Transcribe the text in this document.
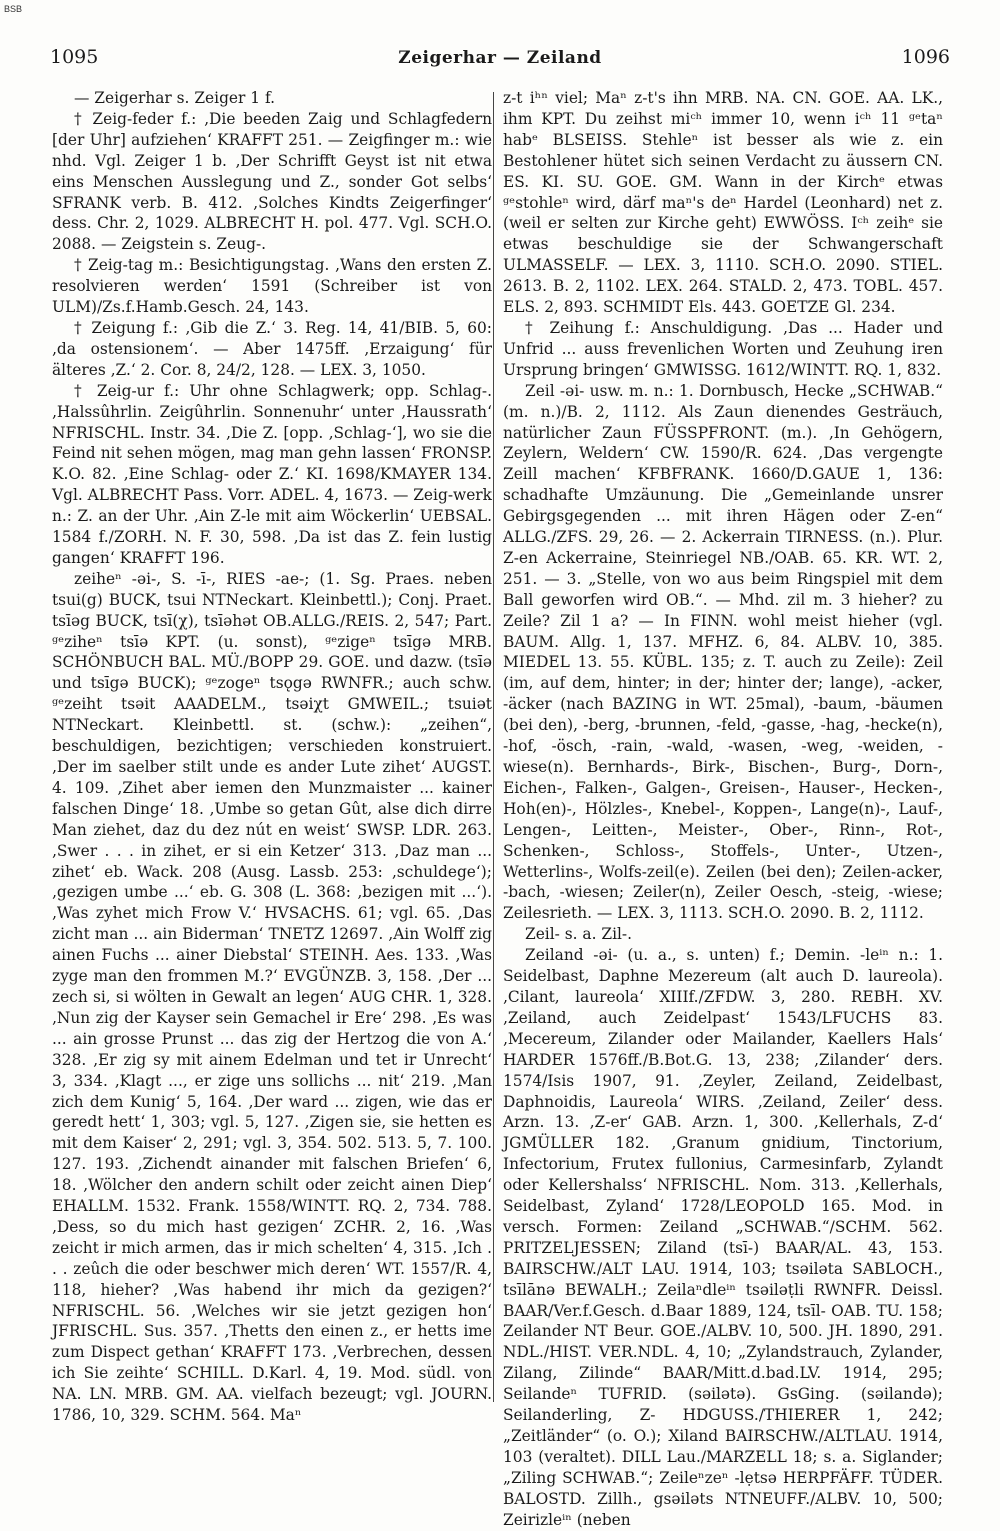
BSB
1095	Zeigerhar — Zeiland	1096

— Zeigerhar s. Zeiger 1 f.

† Zeig-feder f.: ‚Die beeden Zaig und Schlagfedern [der Uhr] aufziehen‘ KRAFFT 251. — Zeigfinger m.: wie nhd. Vgl. Zeiger 1 b. ‚Der Schrifft Geyst ist nit etwa eins Menschen Ausslegung und Z., sonder Got selbs‘ SFRANK verb. B. 412. ‚Solches Kindts Zeigerfinger‘ dess. Chr. 2, 1029. ALBRECHT H. pol. 477. Vgl. SCH.O. 2088. — Zeigstein s. Zeug-.

† Zeig-tag m.: Besichtigungstag. ‚Wans den ersten Z. resolvieren werden‘ 1591 (Schreiber ist von ULM)/Zs.f.Hamb.Gesch. 24, 143.

† Zeigung f.: ‚Gib die Z.‘ 3. Reg. 14, 41/BIB. 5, 60: ‚da ostensionem‘. — Aber 1475ff. ‚Erzaigung‘ für älteres ‚Z.‘ 2. Cor. 8, 24/2, 128. — LEX. 3, 1050.

† Zeig-ur f.: Uhr ohne Schlagwerk; opp. Schlag-. ‚Halssûhrlin. Zeigûhrlin. Sonnenuhr‘ unter ‚Haussrath‘ NFRISCHL. Instr. 34. ‚Die Z. [opp. ‚Schlag-‘], wo sie die Feind nit sehen mögen, mag man gehn lassen‘ FRONSP. K.O. 82. ‚Eine Schlag- oder Z.‘ KI. 1698/KMAYER 134. Vgl. ALBRECHT Pass. Vorr. ADEL. 4, 1673. — Zeig-werk n.: Z. an der Uhr. ‚Ain Z-le mit aim Wöckerlin‘ UEBSAL. 1584 f./ZORH. N. F. 30, 598. ‚Da ist das Z. fein lustig gangen‘ KRAFFT 196.

zeiheⁿ -əi-, S. -ī-, RIES -ae-; (1. Sg. Praes. neben tsui(g) BUCK, tsui NTNeckart. Kleinbettl.); Conj. Praet. tsīəg BUCK, tsī(χ), tsīəhət OB.ALLG./REIS. 2, 547; Part. ᵍᵉziheⁿ tsīə KPT. (u. sonst), ᵍᵉzigeⁿ tsīgə MRB. SCHÖNBUCH BAL. MÜ./BOPP 29. GOE. und dazw. (tsīə und tsīgə BUCK); ᵍᵉzogeⁿ tsǫgə RWNFR.; auch schw. ᵍᵉzeiht tsəit AAADELM., tsəiχt GMWEIL.; tsuiət NTNeckart. Kleinbettl. st. (schw.): „zeihen“, beschuldigen, bezichtigen; verschieden konstruiert. ‚Der im saelber stilt unde es ander Lute zihet‘ AUGST. 4. 109. ‚Zihet aber iemen den Munzmaister ... kainer falschen Dinge‘ 18. ‚Umbe so getan Gût, alse dich dirre Man ziehet, daz du dez nút en weist‘ SWSP. LDR. 263. ‚Swer . . . in zihet, er si ein Ketzer‘ 313. ‚Daz man ... zihet‘ eb. Wack. 208 (Ausg. Lassb. 253: ‚schuldege‘); ‚gezigen umbe ...‘ eb. G. 308 (L. 368: ‚bezigen mit ...‘). ‚Was zyhet mich Frow V.‘ HVSACHS. 61; vgl. 65. ‚Das zicht man ... ain Biderman‘ TNETZ 12697. ‚Ain Wolff zig ainen Fuchs ... ainer Diebstal‘ STEINH. Aes. 133. ‚Was zyge man den frommen M.?‘ EVGÜNZB. 3, 158. ‚Der ... zech si, si wölten in Gewalt an legen‘ AUG CHR. 1, 328. ‚Nun zig der Kayser sein Gemachel ir Ere‘ 298. ‚Es was ... ain grosse Prunst ... das zig der Hertzog die von A.‘ 328. ‚Er zig sy mit ainem Edelman und tet ir Unrecht‘ 3, 334. ‚Klagt ..., er zige uns sollichs ... nit‘ 219. ‚Man zich dem Kunig‘ 5, 164. ‚Der ward ... zigen, wie das er geredt hett‘ 1, 303; vgl. 5, 127. ‚Zigen sie, sie hetten es mit dem Kaiser‘ 2, 291; vgl. 3, 354. 502. 513. 5, 7. 100. 127. 193. ‚Zichendt ainander mit falschen Briefen‘ 6, 18. ‚Wölcher den andern schilt oder zeicht ainen Diep‘ EHALLM. 1532. Frank. 1558/WINTT. RQ. 2, 734. 788. ‚Dess, so du mich hast gezigen‘ ZCHR. 2, 16. ‚Was zeicht ir mich armen, das ir mich schelten‘ 4, 315. ‚Ich . . . zeûch die oder beschwer mich deren‘ WT. 1557/R. 4, 118, hieher? ‚Was habend ihr mich da gezigen?‘ NFRISCHL. 56. ‚Welches wir sie jetzt gezigen hon‘ JFRISCHL. Sus. 357. ‚Thetts den einen z., er hetts ime zum Dispect gethan‘ KRAFFT 173. ‚Verbrechen, dessen ich Sie zeihte‘ SCHILL. D.Karl. 4, 19. Mod. südl. von NA. LN. MRB. GM. AA. vielfach bezeugt; vgl. JOURN. 1786, 10, 329. SCHM. 564. Maⁿ

z-t iʰⁿ viel; Maⁿ z-t's ihn MRB. NA. CN. GOE. AA. LK., ihm KPT. Du zeihst miᶜʰ immer 10, wenn iᶜʰ 11 ᵍᵉtaⁿ habᵉ BLSEISS. Stehleⁿ ist besser als wie z. ein Bestohlener hütet sich seinen Verdacht zu äussern CN. ES. KI. SU. GOE. GM. Wann in der Kirchᵉ etwas ᵍᵉstohleⁿ wird, därf maⁿ's deⁿ Hardel (Leonhard) net z. (weil er selten zur Kirche geht) EWWÖSS. Iᶜʰ zeihᵉ sie etwas beschuldige sie der Schwangerschaft ULMASSELF. — LEX. 3, 1110. SCH.O. 2090. STIEL. 2613. B. 2, 1102. LEX. 264. STALD. 2, 473. TOBL. 457. ELS. 2, 893. SCHMIDT Els. 443. GOETZE Gl. 234.

† Zeihung f.: Anschuldigung. ‚Das ... Hader und Unfrid ... auss frevenlichen Worten und Zeuhung iren Ursprung bringen‘ GMWISSG. 1612/WINTT. RQ. 1, 832.

Zeil -əi- usw. m. n.: 1. Dornbusch, Hecke „SCHWAB.“ (m. n.)/B. 2, 1112. Als Zaun dienendes Gesträuch, natürlicher Zaun FÜSSPFRONT. (m.). ‚In Gehögern, Zeylern, Weldern‘ CW. 1590/R. 624. ‚Das vergengte Zeill machen‘ KFBFRANK. 1660/D.GAUE 1, 136: schadhafte Umzäunung. Die „Gemeinlande unsrer Gebirgsgegenden ... mit ihren Hägen oder Z-en“ ALLG./ZFS. 29, 26. — 2. Ackerrain TIRNESS. (n.). Plur. Z-en Ackerraine, Steinriegel NB./OAB. 65. KR. WT. 2, 251. — 3. „Stelle, von wo aus beim Ringspiel mit dem Ball geworfen wird OB.“. — Mhd. zil m. 3 hieher? zu Zeile? Zil 1 a? — In FINN. wohl meist hieher (vgl. BAUM. Allg. 1, 137. MFHZ. 6, 84. ALBV. 10, 385. MIEDEL 13. 55. KÜBL. 135; z. T. auch zu Zeile): Zeil (im, auf dem, hinter; in der; hinter der; lange), -acker, -äcker (nach BAZING in WT. 25mal), -baum, -bäumen (bei den), -berg, -brunnen, -feld, -gasse, -hag, -hecke(n), -hof, -ösch, -rain, -wald, -wasen, -weg, -weiden, -wiese(n). Bernhards-, Birk-, Bischen-, Burg-, Dorn-, Eichen-, Falken-, Galgen-, Greisen-, Hauser-, Hecken-, Hoh(en)-, Hölzles-, Knebel-, Koppen-, Lange(n)-, Lauf-, Lengen-, Leitten-, Meister-, Ober-, Rinn-, Rot-, Schenken-, Schloss-, Stoffels-, Unter-, Utzen-, Wetterlins-, Wolfs-zeil(e). Zeilen (bei den); Zeilen-acker, -bach, -wiesen; Zeiler(n), Zeiler Oesch, -steig, -wiese; Zeilesrieth. — LEX. 3, 1113. SCH.O. 2090. B. 2, 1112.

Zeil- s. a. Zil-.

Zeiland -əi- (u. a., s. unten) f.; Demin. -leⁱⁿ n.: 1. Seidelbast, Daphne Mezereum (alt auch D. laureola). ‚Cilant, laureola‘ XIIIf./ZFDW. 3, 280. REBH. XV. ‚Zeiland, auch Zeidelpast‘ 1543/LFUCHS 83. ‚Mecereum, Zilander oder Mailander, Kaellers Hals‘ HARDER 1576ff./B.Bot.G. 13, 238; ‚Zilander‘ ders. 1574/Isis 1907, 91. ‚Zeyler, Zeiland, Zeidelbast, Daphnoidis, Laureola‘ WIRS. ‚Zeiland, Zeiler‘ dess. Arzn. 13. ‚Z-er‘ GAB. Arzn. 1, 300. ‚Kellerhals, Z-d‘ JGMÜLLER 182. ‚Granum gnidium, Tinctorium, Infectorium, Frutex fullonius, Carmesinfarb, Zylandt oder Kellershalss‘ NFRISCHL. Nom. 313. ‚Kellerhals, Seidelbast, Zyland‘ 1728/LEOPOLD 165. Mod. in versch. Formen: Zeiland „SCHWAB.“/SCHM. 562. PRITZELJESSEN; Ziland (tsī-) BAAR/AL. 43, 153. BAIRSCHW./ALT LAU. 1914, 103; tsəiləta SABLOCH., tsīlānə BEWALH.; Zeilaⁿdleⁱⁿ tsəiləṭli RWNFR. Deissl. BAAR/Ver.f.Gesch. d.Baar 1889, 124, tsīl- OAB. TU. 158; Zeilander NT Beur. GOE./ALBV. 10, 500. JH. 1890, 291. NDL./HIST. VER.NDL. 4, 10; „Zylandstrauch, Zylander, Zilang, Zilinde“ BAAR/Mitt.d.bad.LV. 1914, 295; Seilandeⁿ TUFRID. (səilətə). GsGing. (səilandə); Seilanderling, Z- HDGUSS./THIERER 1, 242; „Zeitländer“ (o. O.); Xiland BAIRSCHW./ALTLAU. 1914, 103 (veraltet). DILL Lau./MARZELL 18; s. a. Siglander; „Ziling SCHWAB.“; Zeileⁿzeⁿ -lẹtsə HERPFÄFF. TÜDER. BALOSTD. Zillh., gsəiləts NTNEUFF./ALBV. 10, 500; Zeirizleⁱⁿ (neben
